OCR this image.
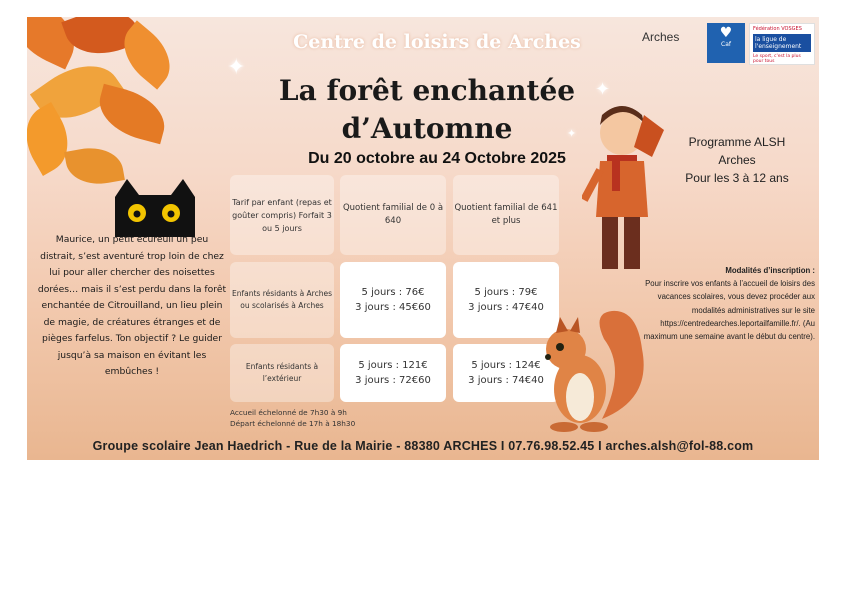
✦
✦
✦
Arches	♥
Caf
Fédération VOSGES
la ligue de l'enseignement
Le sport, c'est la plus pour tous
Centre de loisirs de Arches
La forêt enchantée
d’Automne
Du 20 octobre au 24 Octobre 2025
Programme ALSH
Arches
Pour les 3 à 12 ans
Maurice, un petit écureuil un peu distrait, s’est aventuré trop loin de chez lui pour aller chercher des noisettes dorées… mais il s’est perdu dans la forêt enchantée de Citrouilland, un lieu plein de magie, de créatures étranges et de pièges farfelus. Ton objectif ? Le guider jusqu’à sa maison en évitant les embûches !
Tarif par enfant (repas et goûter compris) Forfait 3 ou 5 jours
Quotient familial de 0 à 640
Quotient familial de 641 et plus
Enfants résidants à Arches ou scolarisés à Arches
5 jours : 76€
3 jours : 45€60
5 jours : 79€
3 jours : 47€40
Enfants résidants à l’extérieur
5 jours : 121€
3 jours : 72€60
5 jours : 124€
3 jours : 74€40
Accueil échelonné de 7h30 à 9h
Départ échelonné de 17h à 18h30
Modalités d’inscription :
Pour inscrire vos enfants à l’accueil de loisirs des vacances scolaires, vous devez procéder aux modalités administratives sur le site https://centredearches.leportailfamille.fr/. (Au maximum une semaine avant le début du centre).
Groupe scolaire Jean Haedrich - Rue de la Mairie - 88380 ARCHES I 07.76.98.52.45 I arches.alsh@fol-88.com
